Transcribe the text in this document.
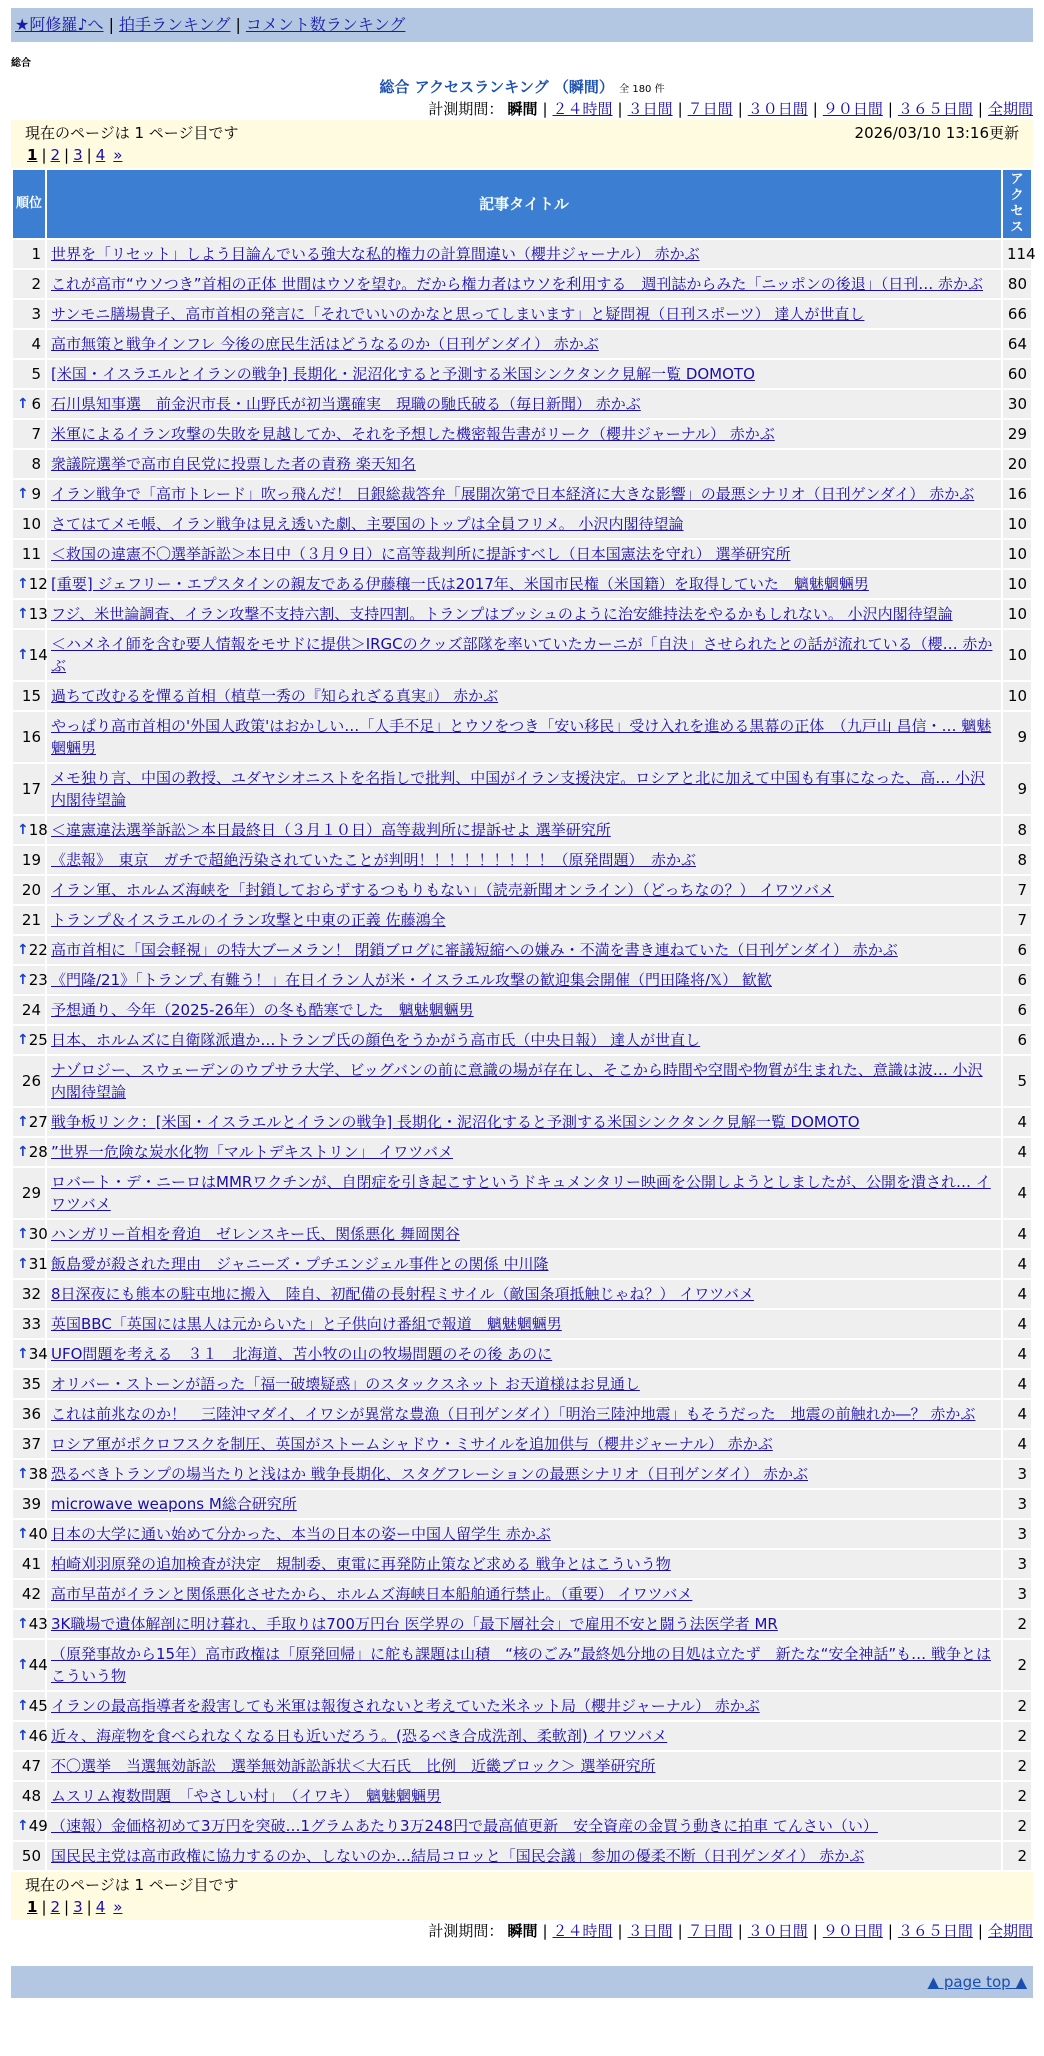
★阿修羅♪へ | 拍手ランキング | コメント数ランキング
総合
総合 アクセスランキング （瞬間） 全 180 件
計測期間： 瞬間 | ２４時間 | ３日間 | ７日間 | ３０日間 | ９０日間 | ３６５日間 | 全期間
現在のページは 1 ページ目です	2026/03/10 13:16更新
1 | 2 | 3 | 4 »
順位	記事タイトル	アクセス
1	世界を「リセット」しよう目論んでいる強大な私的権力の計算間違い（櫻井ジャーナル） 赤かぶ	114
2	これが高市“ウソつき”首相の正体 世間はウソを望む。だから権力者はウソを利用する　週刊誌からみた「ニッポンの後退」（日刊… 赤かぶ	80
3	サンモニ膳場貴子、高市首相の発言に「それでいいのかなと思ってしまいます」と疑問視（日刊スポーツ） 達人が世直し	66
4	高市無策と戦争インフレ 今後の庶民生活はどうなるのか（日刊ゲンダイ） 赤かぶ	64
5	[米国・イスラエルとイランの戦争] 長期化・泥沼化すると予測する米国シンクタンク見解一覧 DOMOTO	60

↑ 6	石川県知事選　前金沢市長・山野氏が初当選確実　現職の馳氏破る（毎日新聞） 赤かぶ	30
7	米軍によるイラン攻撃の失敗を見越してか、それを予想した機密報告書がリーク（櫻井ジャーナル） 赤かぶ	29
8	衆議院選挙で高市自民党に投票した者の責務 楽天知名	20

↑ 9	イラン戦争で「高市トレード」吹っ飛んだ！ 日銀総裁答弁「展開次第で日本経済に大きな影響」の最悪シナリオ（日刊ゲンダイ） 赤かぶ	16
10	さてはてメモ帳、イラン戦争は見え透いた劇、主要国のトップは全員フリメ。 小沢内閣待望論	10
11	＜救国の違憲不〇選挙訴訟＞本日中（３月９日）に高等裁判所に提訴すべし（日本国憲法を守れ） 選挙研究所	10

↑ 12	[重要] ジェフリー・エプスタインの親友である伊藤穰一氏は2017年、米国市民権（米国籍）を取得していた　魑魅魍魎男	10

↑ 13	フジ、米世論調査、イラン攻撃不支持六割、支持四割。トランプはブッシュのように治安維持法をやるかもしれない。 小沢内閣待望論	10

↑ 14	＜ハメネイ師を含む要人情報をモサドに提供＞IRGCのクッズ部隊を率いていたカーニが「自決」させられたとの話が流れている（櫻… 赤かぶ	10
15	過ちて改むるを憚る首相（植草一秀の『知られざる真実』） 赤かぶ	10
16	やっぱり高市首相の'外国人政策'はおかしい…「人手不足」とウソをつき「安い移民」受け入れを進める黒幕の正体　（九戸山 昌信・… 魑魅魍魎男	9
17	メモ独り言、中国の教授、ユダヤシオニストを名指しで批判、中国がイラン支援決定。ロシアと北に加えて中国も有事になった、高… 小沢内閣待望論	9

↑ 18	＜違憲違法選挙訴訟＞本日最終日（３月１０日）高等裁判所に提訴せよ 選挙研究所	8
19	《悲報》　東京　ガチで超絶汚染されていたことが判明！！！！！！！！！（原発問題）　赤かぶ	8
20	イラン軍、ホルムズ海峡を「封鎖しておらずするつもりもない」（読売新聞オンライン）（どっちなの？） イワツバメ	7
21	トランプ＆イスラエルのイラン攻撃と中東の正義 佐藤鴻全	7

↑ 22	高市首相に「国会軽視」の特大ブーメラン！ 閉鎖ブログに審議短縮への嫌み・不満を書き連ねていた（日刊ゲンダイ） 赤かぶ	6

↑ 23	《門隆/21》「トランプ､有難う！」在日イラン人が米・イスラエル攻撃の歓迎集会開催（門田隆将/𝕏） 歓歓	6
24	予想通り、今年（2025-26年）の冬も酷寒でした　魑魅魍魎男	6

↑ 25	日本、ホルムズに自衛隊派遣か…トランプ氏の顔色をうかがう高市氏（中央日報） 達人が世直し	6
26	ナゾロジー、スウェーデンのウプサラ大学、ビッグバンの前に意識の場が存在し、そこから時間や空間や物質が生まれた、意識は波… 小沢内閣待望論	5

↑ 27	戦争板リンク：[米国・イスラエルとイランの戦争] 長期化・泥沼化すると予測する米国シンクタンク見解一覧 DOMOTO	4

↑ 28	”世界一危険な炭水化物「マルトデキストリン」 イワツバメ	4
29	ロバート・デ・ニーロはMMRワクチンが、自閉症を引き起こすというドキュメンタリー映画を公開しようとしましたが、公開を潰され… イワツバメ	4

↑ 30	ハンガリー首相を脅迫　ゼレンスキー氏、関係悪化 舞岡関谷	4

↑ 31	飯島愛が殺された理由　ジャニーズ・プチエンジェル事件との関係 中川隆	4
32	8日深夜にも熊本の駐屯地に搬入　陸自、初配備の長射程ミサイル（敵国条項抵触じゃね？） イワツバメ	4
33	英国BBC「英国には黒人は元からいた」と子供向け番組で報道　魑魅魍魎男	4

↑ 34	UFO問題を考える　３１　北海道、苫小牧の山の牧場問題のその後 あのに	4
35	オリバー・ストーンが語った「福一破壊疑惑」のスタックスネット お天道様はお見通し	4
36	これは前兆なのか！　三陸沖マダイ、イワシが異常な豊漁（日刊ゲンダイ）「明治三陸沖地震」もそうだった　地震の前触れか―？ 赤かぶ	4
37	ロシア軍がポクロフスクを制圧、英国がストームシャドウ・ミサイルを追加供与（櫻井ジャーナル） 赤かぶ	4

↑ 38	恐るべきトランプの場当たりと浅はか 戦争長期化、スタグフレーションの最悪シナリオ（日刊ゲンダイ） 赤かぶ	3
39	microwave weapons M総合研究所	3

↑ 40	日本の大学に通い始めて分かった、本当の日本の姿ー中国人留学生 赤かぶ	3
41	柏崎刈羽原発の追加検査が決定　規制委、東電に再発防止策など求める 戦争とはこういう物	3
42	高市早苗がイランと関係悪化させたから、ホルムズ海峡日本船舶通行禁止。（重要） イワツバメ	3

↑ 43	3K職場で遺体解剖に明け暮れ、手取りは700万円台 医学界の「最下層社会」で雇用不安と闘う法医学者 MR	2

↑ 44	（原発事故から15年）高市政権は「原発回帰」に舵も課題は山積　“核のごみ”最終処分地の目処は立たず　新たな“安全神話”も… 戦争とはこういう物	2

↑ 45	イランの最高指導者を殺害しても米軍は報復されないと考えていた米ネット局（櫻井ジャーナル） 赤かぶ	2

↑ 46	近々、海産物を食べられなくなる日も近いだろう。(恐るべき合成洗剤、柔軟剤) イワツバメ	2
47	不〇選挙　当選無効訴訟　選挙無効訴訟訴状＜大石氏　比例　近畿ブロック＞ 選挙研究所	2
48	ムスリム複数問題　「やさしい村」　（イワキ）　魑魅魍魎男	2

↑ 49	（速報）金価格初めて3万円を突破…1グラムあたり3万248円で最高値更新　安全資産の金買う動きに拍車 てんさい（い）	2
50	国民民主党は高市政権に協力するのか、しないのか…結局コロッと「国民会議」参加の優柔不断（日刊ゲンダイ） 赤かぶ	2
現在のページは 1 ページ目です
1 | 2 | 3 | 4 »
計測期間： 瞬間 | ２４時間 | ３日間 | ７日間 | ３０日間 | ９０日間 | ３６５日間 | 全期間
▲ page top ▲
